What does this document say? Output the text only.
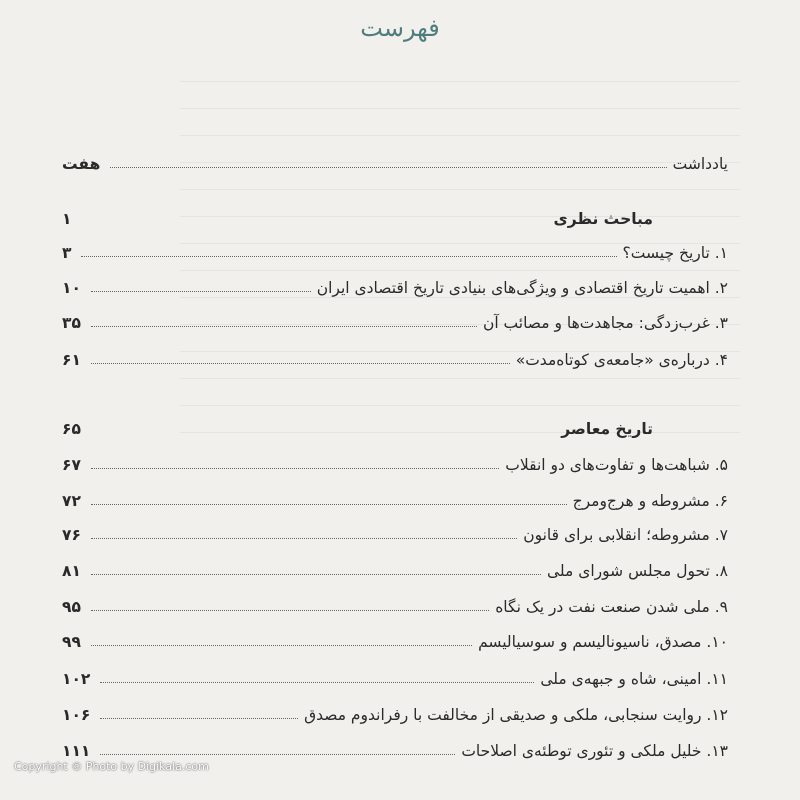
فهرست
یادداشت
هفت
مباحث نظری
۱
۱. تاریخ چیست؟
۳
۲. اهمیت تاریخ اقتصادی و ویژگی‌های بنیادی تاریخ اقتصادی ایران
۱۰
۳. غرب‌زدگی: مجاهدت‌ها و مصائب آن
۳۵
۴. درباره‌ی «جامعه‌ی کوتاه‌مدت»
۶۱
تاریخ معاصر
۶۵
۵. شباهت‌ها و تفاوت‌های دو انقلاب
۶۷
۶. مشروطه و هرج‌ومرج
۷۲
۷. مشروطه؛ انقلابی برای قانون
۷۶
۸. تحول مجلس شورای ملی
۸۱
۹. ملی شدن صنعت نفت در یک نگاه
۹۵
۱۰. مصدق، ناسیونالیسم و سوسیالیسم
۹۹
۱۱. امینی، شاه و جبهه‌ی ملی
۱۰۲
۱۲. روایت سنجابی، ملکی و صدیقی از مخالفت با رفراندوم مصدق
۱۰۶
۱۳. خلیل ملکی و تئوری توطئه‌ی اصلاحات
۱۱۱
Copyright © Photo by Digikala.com
